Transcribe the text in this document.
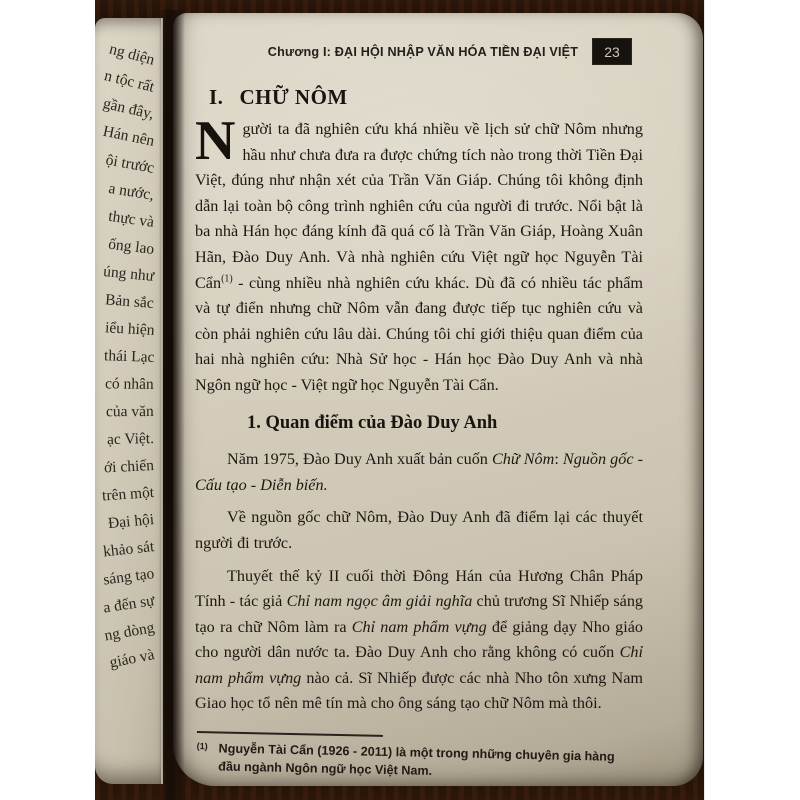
ng diện
n tộc rất
gần đây,
Hán nên
ội trước
a nước,
thực và
ống lao
úng như
Bản sắc
iểu hiện
thái Lạc
có nhân
của văn
ạc Việt.
ới chiến
trên một
Đại hội
khảo sát
sáng tạo
a đến sự
ng dòng
giáo và
Chương I: ĐẠI HỘI NHẬP VĂN HÓA TIỀN ĐẠI VIỆT	23
I. CHỮ NÔM

Người ta đã nghiên cứu khá nhiều về lịch sử chữ Nôm nhưng hầu như chưa đưa ra được chứng tích nào trong thời Tiền Đại Việt, đúng như nhận xét của Trần Văn Giáp. Chúng tôi không định dẫn lại toàn bộ công trình nghiên cứu của người đi trước. Nổi bật là ba nhà Hán học đáng kính đã quá cố là Trần Văn Giáp, Hoàng Xuân Hãn, Đào Duy Anh. Và nhà nghiên cứu Việt ngữ học Nguyễn Tài Cẩn$^{(1)}$ - cùng nhiều nhà nghiên cứu khác. Dù đã có nhiều tác phẩm và tự điển nhưng chữ Nôm vẫn đang được tiếp tục nghiên cứu và còn phải nghiên cứu lâu dài. Chúng tôi chỉ giới thiệu quan điểm của hai nhà nghiên cứu: Nhà Sử học - Hán học Đào Duy Anh và nhà Ngôn ngữ học - Việt ngữ học Nguyễn Tài Cẩn.

1. Quan điểm của Đào Duy Anh

Năm 1975, Đào Duy Anh xuất bản cuốn Chữ Nôm: Nguồn gốc - Cấu tạo - Diễn biến.

Về nguồn gốc chữ Nôm, Đào Duy Anh đã điểm lại các thuyết người đi trước.

Thuyết thế kỷ II cuối thời Đông Hán của Hương Chân Pháp Tính - tác giả Chỉ nam ngọc âm giải nghĩa chủ trương Sĩ Nhiếp sáng tạo ra chữ Nôm làm ra Chỉ nam phẩm vựng để giảng dạy Nho giáo cho người dân nước ta. Đào Duy Anh cho rằng không có cuốn Chỉ nam phẩm vựng nào cả. Sĩ Nhiếp được các nhà Nho tôn xưng Nam Giao học tổ nên mê tín mà cho ông sáng tạo chữ Nôm mà thôi.

(1) Nguyễn Tài Cẩn (1926 - 2011) là một trong những chuyên gia hàng đầu ngành Ngôn ngữ học Việt Nam.
